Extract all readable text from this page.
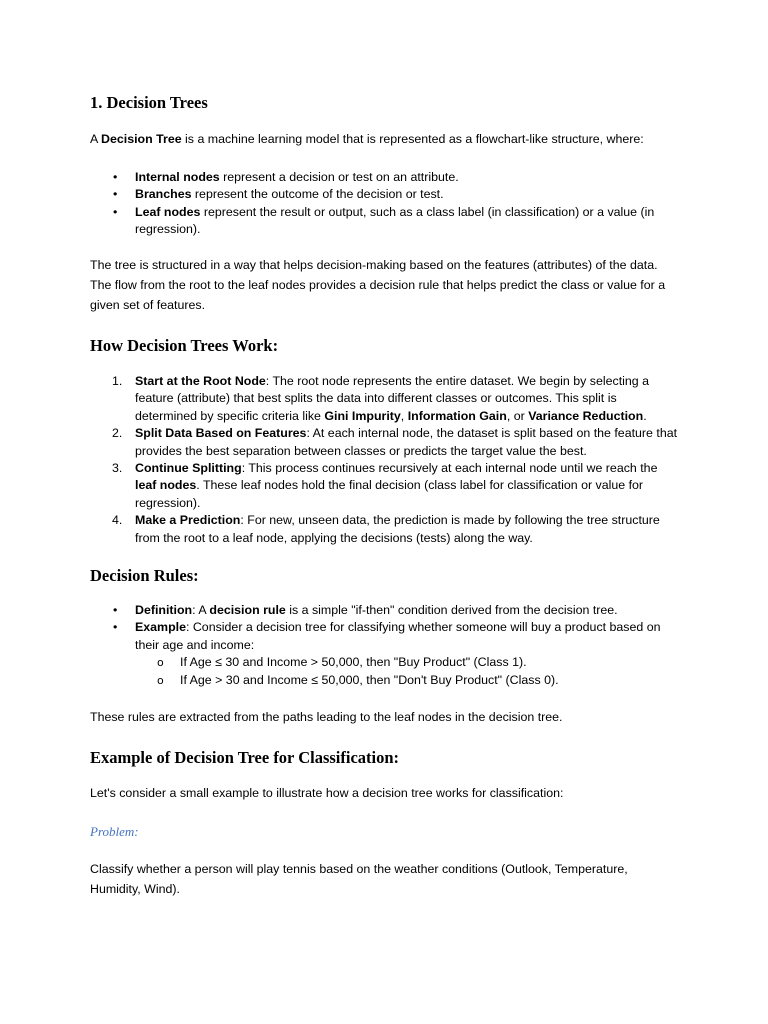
1. Decision Trees

A Decision Tree is a machine learning model that is represented as a flowchart-like structure, where:

• Internal nodes represent a decision or test on an attribute.
• Branches represent the outcome of the decision or test.
• Leaf nodes represent the result or output, such as a class label (in classification) or a value (in regression).

The tree is structured in a way that helps decision-making based on the features (attributes) of the data. The flow from the root to the leaf nodes provides a decision rule that helps predict the class or value for a given set of features.

How Decision Trees Work:
1. Start at the Root Node: The root node represents the entire dataset. We begin by selecting a feature (attribute) that best splits the data into different classes or outcomes. This split is determined by specific criteria like Gini Impurity, Information Gain, or Variance Reduction.
2. Split Data Based on Features: At each internal node, the dataset is split based on the feature that provides the best separation between classes or predicts the target value the best.
3. Continue Splitting: This process continues recursively at each internal node until we reach the leaf nodes. These leaf nodes hold the final decision (class label for classification or value for regression).
4. Make a Prediction: For new, unseen data, the prediction is made by following the tree structure from the root to a leaf node, applying the decisions (tests) along the way.
Decision Rules:
• Definition: A decision rule is a simple "if-then" condition derived from the decision tree.
• Example: Consider a decision tree for classifying whether someone will buy a product based on their age and income:
o If Age ≤ 30 and Income > 50,000, then "Buy Product" (Class 1).
o If Age > 30 and Income ≤ 50,000, then "Don't Buy Product" (Class 0).

These rules are extracted from the paths leading to the leaf nodes in the decision tree.

Example of Decision Tree for Classification:

Let's consider a small example to illustrate how a decision tree works for classification:

Problem:

Classify whether a person will play tennis based on the weather conditions (Outlook, Temperature, Humidity, Wind).
